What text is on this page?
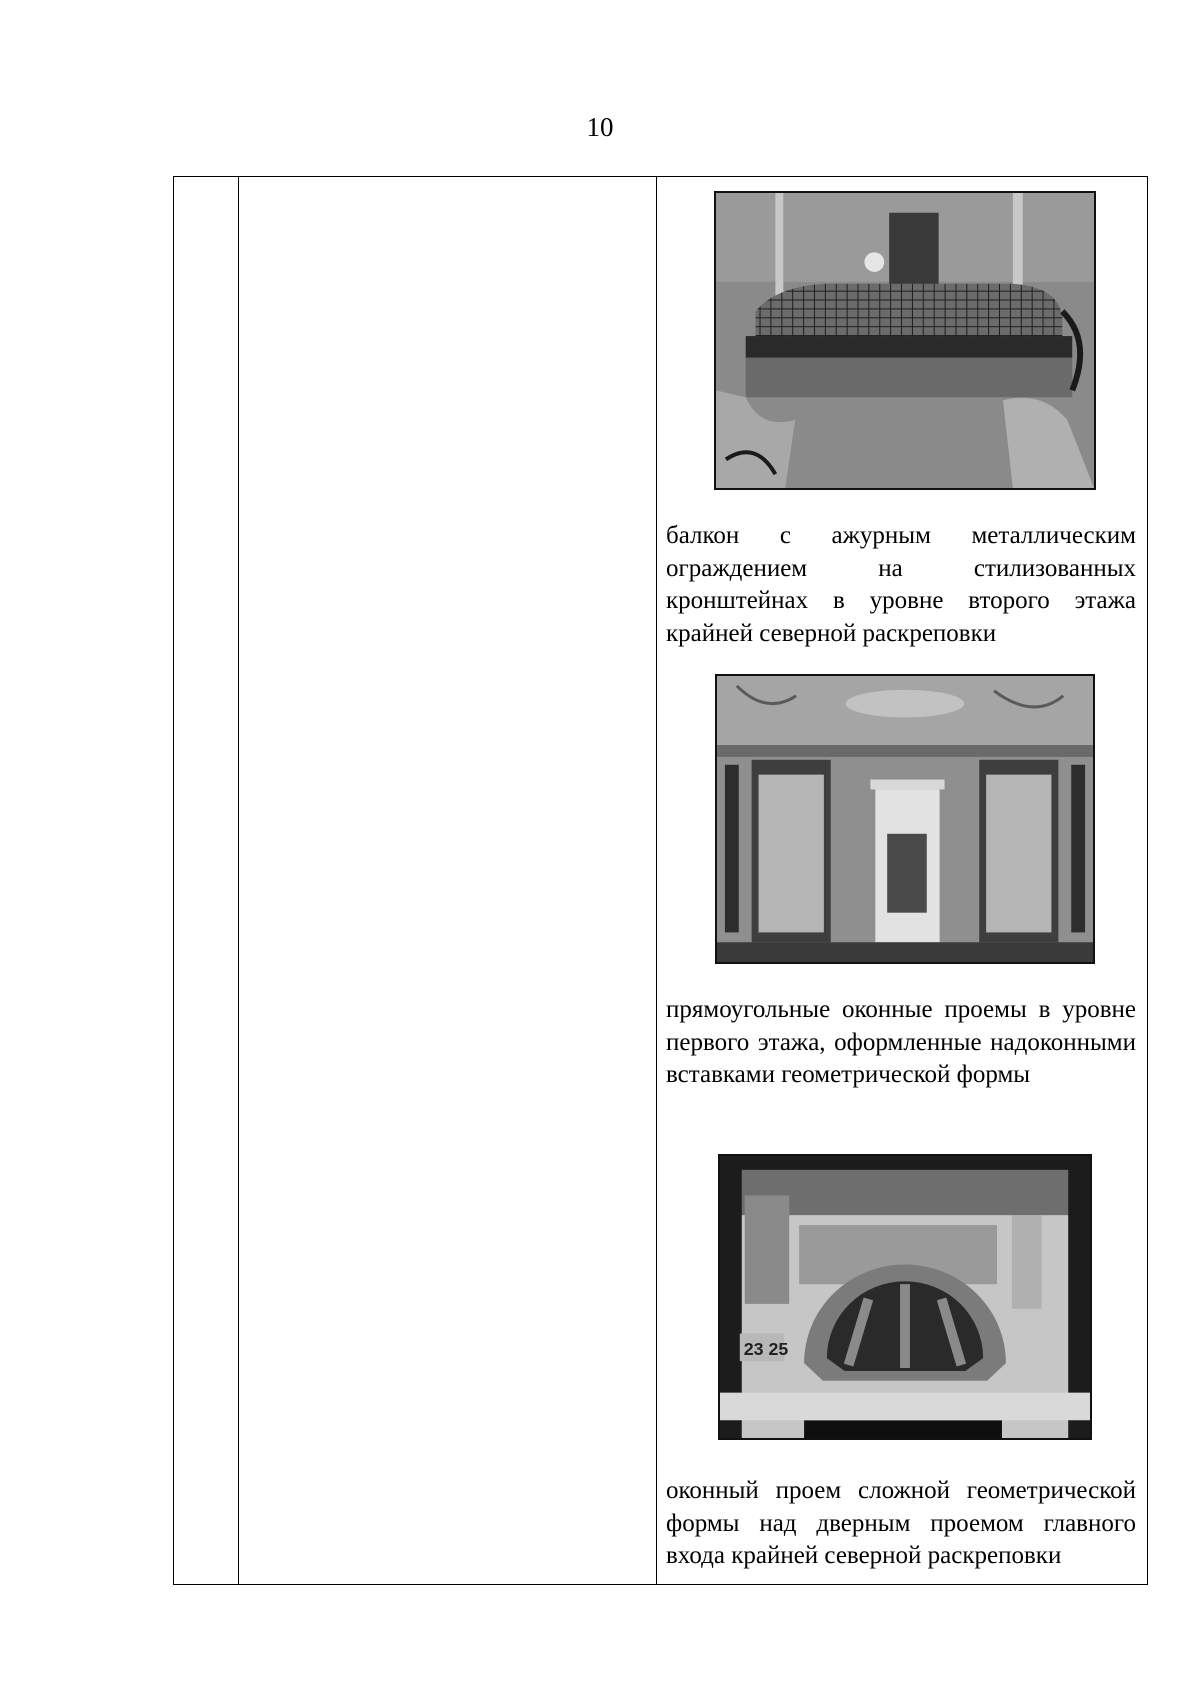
10
балкон с ажурным металлическим ограждением на стилизованных кронштейнах в уровне второго этажа крайней северной раскреповки
прямоугольные оконные проемы в уровне первого этажа, оформленные надоконными вставками геометрической формы
23 25
оконный проем сложной геометрической формы над дверным проемом главного входа крайней северной раскреповки
